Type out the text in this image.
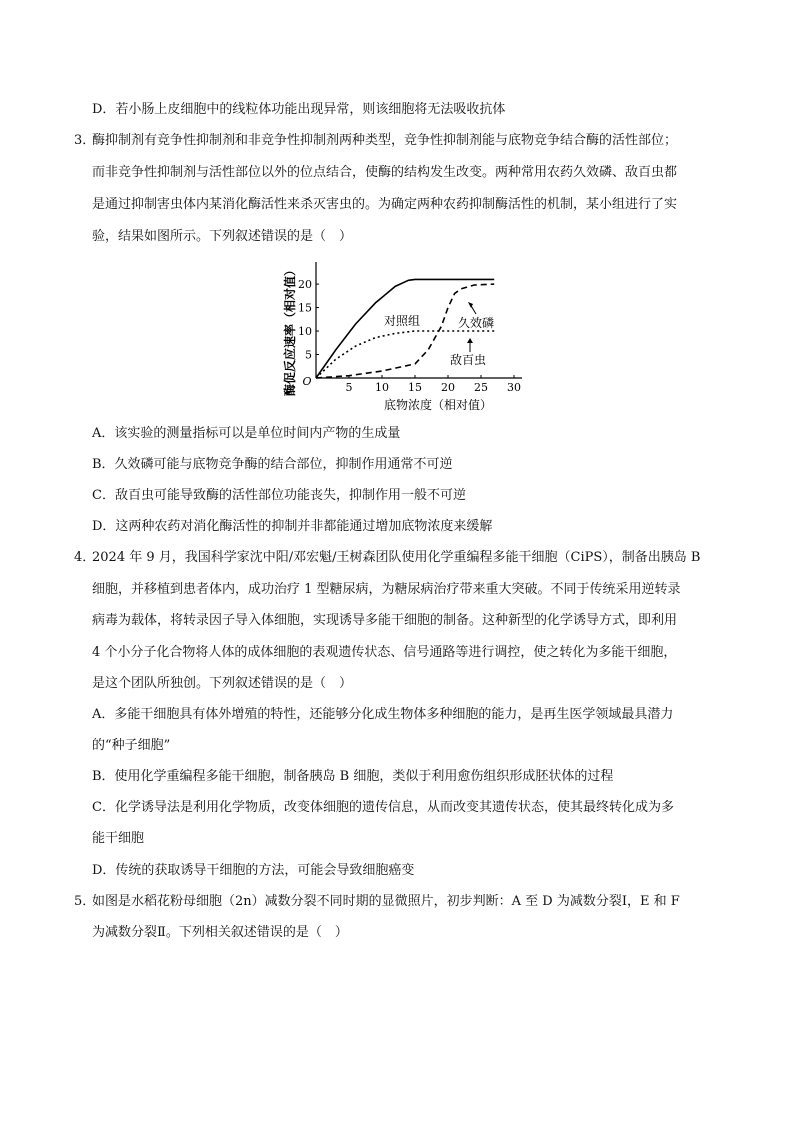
D．若小肠上皮细胞中的线粒体功能出现异常，则该细胞将无法吸收抗体
3．
酶抑制剂有竞争性抑制剂和非竞争性抑制剂两种类型，竞争性抑制剂能与底物竞争结合酶的活性部位；
而非竞争性抑制剂与活性部位以外的位点结合，使酶的结构发生改变。两种常用农药久效磷、敌百虫都
是通过抑制害虫体内某消化酶活性来杀灭害虫的。为确定两种农药抑制酶活性的机制，某小组进行了实
验，结果如图所示。下列叙述错误的是（　）
酶促反应速率（相对值）
底物浓度（相对值）
O	5 10 15 20 25 30
5
10
15
20
对照组	久效磷
敌百虫
A．该实验的测量指标可以是单位时间内产物的生成量
B．久效磷可能与底物竞争酶的结合部位，抑制作用通常不可逆
C．敌百虫可能导致酶的活性部位功能丧失，抑制作用一般不可逆
D．这两种农药对消化酶活性的抑制并非都能通过增加底物浓度来缓解
4．
2024 年 9 月，我国科学家沈中阳/邓宏魁/王树森团队使用化学重编程多能干细胞（CiPS），制备出胰岛 B
细胞，并移植到患者体内，成功治疗 1 型糖尿病，为糖尿病治疗带来重大突破。不同于传统采用逆转录
病毒为载体，将转录因子导入体细胞，实现诱导多能干细胞的制备。这种新型的化学诱导方式，即利用
4 个小分子化合物将人体的成体细胞的表观遗传状态、信号通路等进行调控，使之转化为多能干细胞，
是这个团队所独创。下列叙述错误的是（　）
A．多能干细胞具有体外增殖的特性，还能够分化成生物体多种细胞的能力，是再生医学领域最具潜力
的“种子细胞”
B．使用化学重编程多能干细胞，制备胰岛 B 细胞，类似于利用愈伤组织形成胚状体的过程
C．化学诱导法是利用化学物质，改变体细胞的遗传信息，从而改变其遗传状态，使其最终转化成为多
能干细胞
D．传统的获取诱导干细胞的方法，可能会导致细胞癌变
5．
如图是水稻花粉母细胞（2n）减数分裂不同时期的显微照片，初步判断：A 至 D 为减数分裂Ⅰ，E 和 F
为减数分裂Ⅱ。下列相关叙述错误的是（　）
